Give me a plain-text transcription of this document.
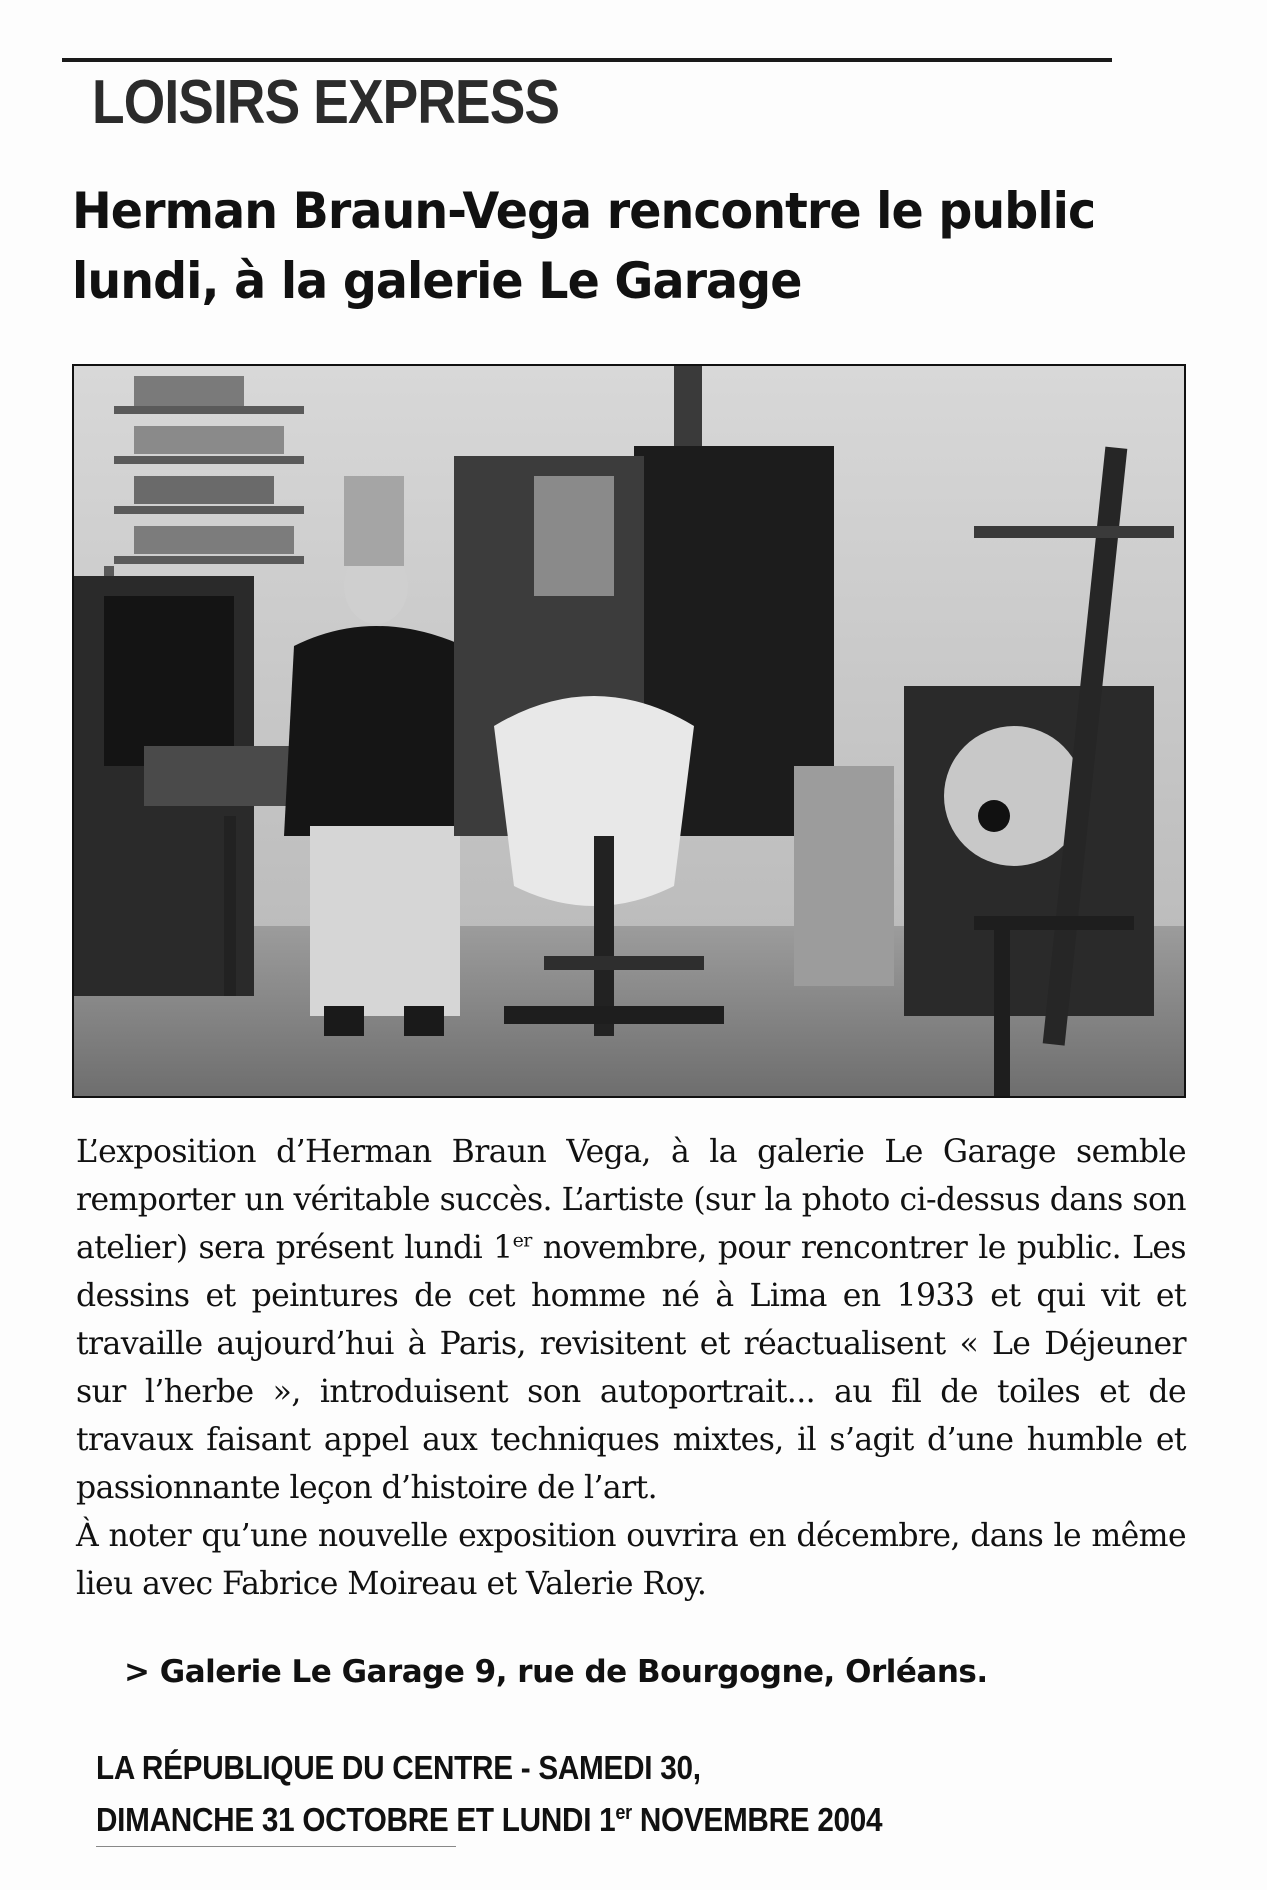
LOISIRS EXPRESS
Herman Braun-Vega rencontre le public
lundi, à la galerie Le Garage
L’exposition d’Herman Braun Vega, à la galerie Le Garage semble remporter un véritable succès. L’artiste (sur la photo ci-dessus dans son atelier) sera présent lundi 1er novembre, pour rencontrer le public. Les dessins et peintures de cet homme né à Lima en 1933 et qui vit et travaille aujourd’hui à Paris, revisitent et réactualisent « Le Déjeuner sur l’herbe », introduisent son autoportrait... au fil de toiles et de travaux faisant appel aux techniques mixtes, il s’agit d’une humble et passionnante leçon d’histoire de l’art.
À noter qu’une nouvelle exposition ouvrira en décembre, dans le même lieu avec Fabrice Moireau et Valerie Roy.
> Galerie Le Garage 9, rue de Bourgogne, Orléans.
LA RÉPUBLIQUE DU CENTRE - SAMEDI 30,
DIMANCHE 31 OCTOBRE ET LUNDI 1er NOVEMBRE 2004
